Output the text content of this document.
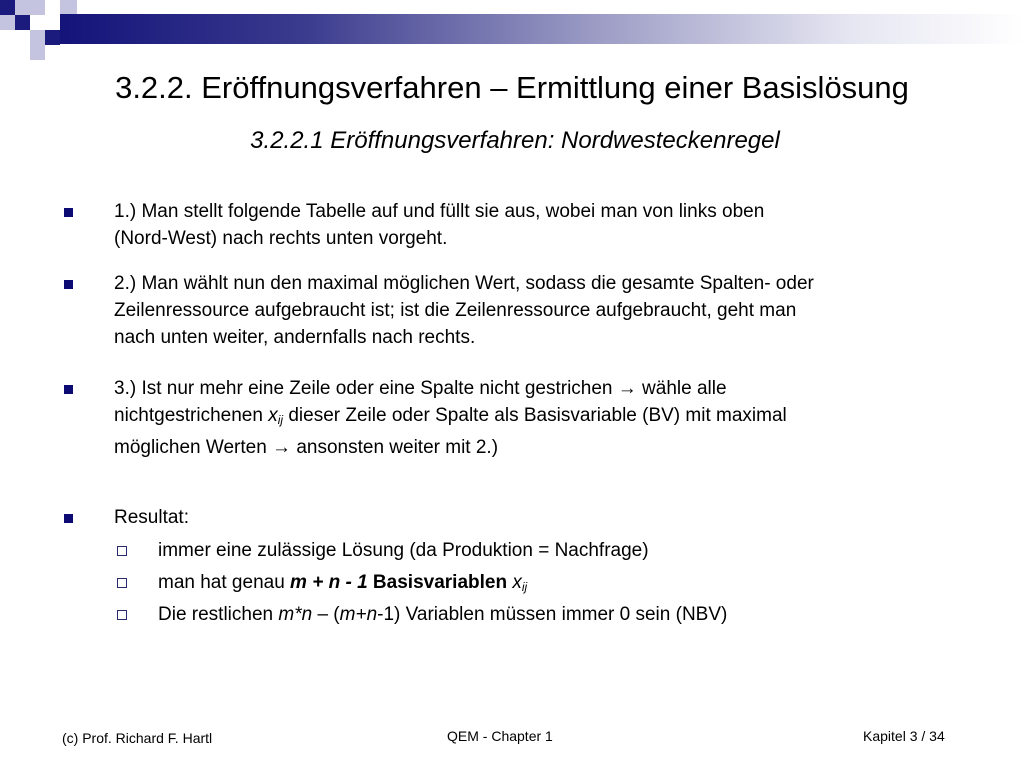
3.2.2. Eröffnungsverfahren – Ermittlung einer Basislösung
3.2.2.1 Eröffnungsverfahren: Nordwesteckenregel
1.) Man stellt folgende Tabelle auf und füllt sie aus, wobei man von links oben
(Nord-West) nach rechts unten vorgeht.
2.) Man wählt nun den maximal möglichen Wert, sodass die gesamte Spalten- oder
Zeilenressource aufgebraucht ist; ist die Zeilenressource aufgebraucht, geht man
nach unten weiter, andernfalls nach rechts.
3.) Ist nur mehr eine Zeile oder eine Spalte nicht gestrichen → wähle alle
nichtgestrichenen $x_{ij}$ dieser Zeile oder Spalte als Basisvariable (BV) mit maximal
möglichen Werten → ansonsten weiter mit 2.)
Resultat:
immer eine zulässige Lösung (da Produktion = Nachfrage)
man hat genau m + n - 1 Basisvariablen $x_{ij}$
Die restlichen m*n – (m+n-1) Variablen müssen immer 0 sein (NBV)
(c) Prof. Richard F. Hartl	QEM - Chapter 1	Kapitel 3 / 34
